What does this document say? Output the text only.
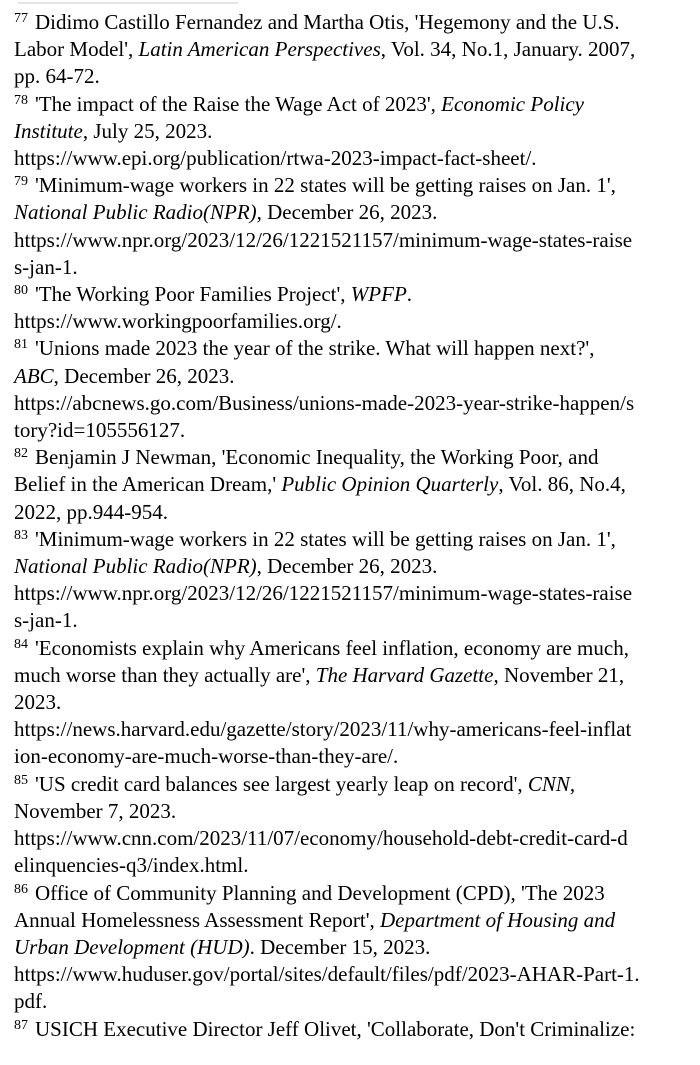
$^{77}$ Didimo Castillo Fernandez and Martha Otis, 'Hegemony and the U.S.
Labor Model', Latin American Perspectives, Vol. 34, No.1, January. 2007,
pp. 64-72.
$^{78}$ 'The impact of the Raise the Wage Act of 2023', Economic Policy
Institute, July 25, 2023.
https://www.epi.org/publication/rtwa-2023-impact-fact-sheet/.
$^{79}$ 'Minimum-wage workers in 22 states will be getting raises on Jan. 1',
National Public Radio(NPR), December 26, 2023.
https://www.npr.org/2023/12/26/1221521157/minimum-wage-states-raise
s-jan-1.
$^{80}$ 'The Working Poor Families Project', WPFP.
https://www.workingpoorfamilies.org/.
$^{81}$ 'Unions made 2023 the year of the strike. What will happen next?',
ABC, December 26, 2023.
https://abcnews.go.com/Business/unions-made-2023-year-strike-happen/s
tory?id=105556127.
$^{82}$ Benjamin J Newman, 'Economic Inequality, the Working Poor, and
Belief in the American Dream,' Public Opinion Quarterly, Vol. 86, No.4,
2022, pp.944-954.
$^{83}$ 'Minimum-wage workers in 22 states will be getting raises on Jan. 1',
National Public Radio(NPR), December 26, 2023.
https://www.npr.org/2023/12/26/1221521157/minimum-wage-states-raise
s-jan-1.
$^{84}$ 'Economists explain why Americans feel inflation, economy are much,
much worse than they actually are', The Harvard Gazette, November 21,
2023.
https://news.harvard.edu/gazette/story/2023/11/why-americans-feel-inflat
ion-economy-are-much-worse-than-they-are/.
$^{85}$ 'US credit card balances see largest yearly leap on record', CNN,
November 7, 2023.
https://www.cnn.com/2023/11/07/economy/household-debt-credit-card-d
elinquencies-q3/index.html.
$^{86}$ Office of Community Planning and Development (CPD), 'The 2023
Annual Homelessness Assessment Report', Department of Housing and
Urban Development (HUD). December 15, 2023.
https://www.huduser.gov/portal/sites/default/files/pdf/2023-AHAR-Part-1.
pdf.
$^{87}$ USICH Executive Director Jeff Olivet, 'Collaborate, Don't Criminalize:
